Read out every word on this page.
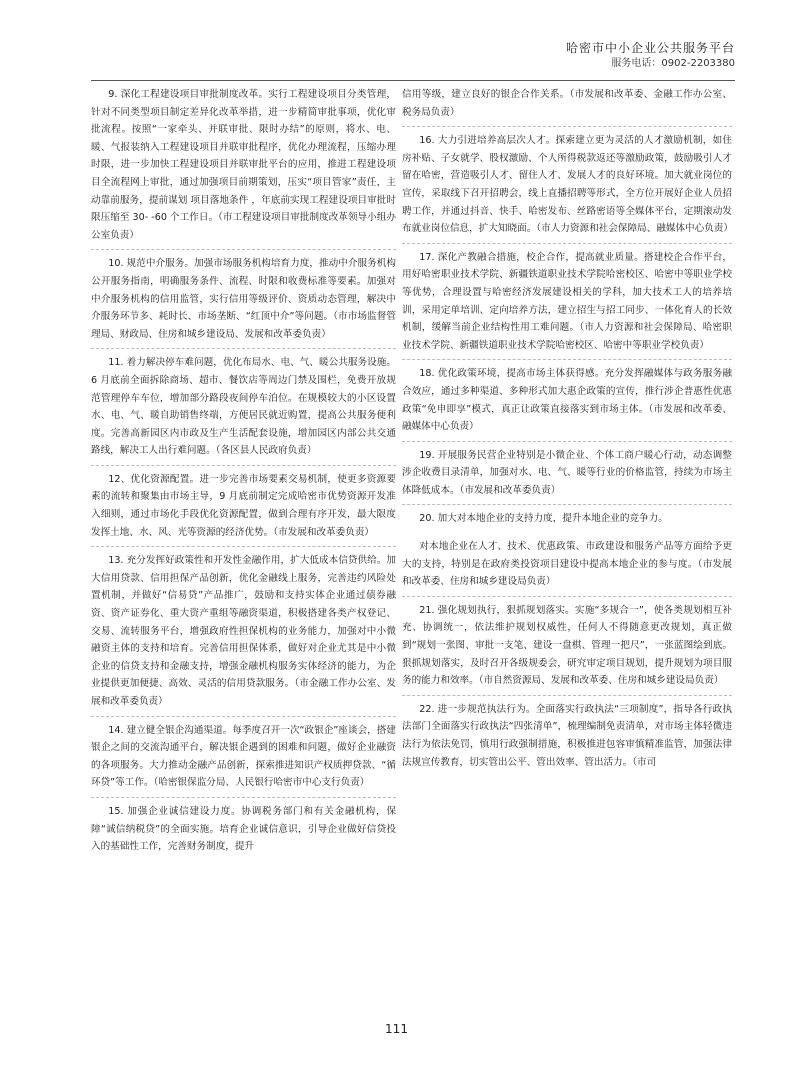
哈密市中小企业公共服务平台
服务电话：0902-2203380

9. 深化工程建设项目审批制度改革。实行工程建设项目分类管理，针对不同类型项目制定差异化改革举措，进一步精简审批事项，优化审批流程。按照“一家牵头、并联审批、限时办结”的原则，将水、电、暖、气报装纳入工程建设项目并联审批程序，优化办理流程，压缩办理时限，进一步加快工程建设项目并联审批平台的应用，推进工程建设项目全流程网上审批，通过加强项目前期策划，压实“项目管家”责任，主动靠前服务，提前谋划 项目落地条件 ，年底前实现工程建设项目审批时限压缩至 30- -60 个工作日。（市工程建设项目审批制度改革领导小组办公室负责）

10. 规范中介服务。加强市场服务机构培育力度，推动中介服务机构公开服务指南，明确服务条件、流程、时限和收费标准等要素。加强对中介服务机构的信用监管，实行信用等级评价、资质动态管理，解决中介服务环节多、耗时长、市场垄断、“红顶中介”等问题。（市市场监督管理局、财政局、住房和城乡建设局、发展和改革委负责）

11. 着力解决停车难问题，优化布局水、电、气、暖公共服务设施。6 月底前全面拆除商场、超市、餐饮店等周边门禁及围栏，免费开放规范管理停车车位，增加部分路段夜间停车泊位。在规模较大的小区设置水、电、气、暖自助销售终端，方便居民就近购置，提高公共服务便利度。完善高新园区内市政及生产生活配套设施，增加园区内部公共交通路线，解决工人出行难问题。（各区县人民政府负责）

12、优化资源配置。进一步完善市场要素交易机制，使更多资源要素的流转和聚集由市场主导，9 月底前制定完成哈密市优势资源开发准入细则，通过市场化手段优化资源配置，做到合理有序开发，最大限度发挥土地、水、风、光等资源的经济优势。（市发展和改革委负责）

13. 充分发挥好政策性和开发性金融作用，扩大低成本信贷供给。加大信用贷款、信用担保产品创新，优化金融线上服务，完善违约风险处置机制，并做好“信易贷”产品推广，鼓励和支持实体企业通过债券融资、资产证券化、重大资产重组等融资渠道，积极搭建各类产权登记、交易、流转服务平台，增强政府性担保机构的业务能力，加强对中小微融资主体的支持和培育。完善信用担保体系，做好对企业尤其是中小微企业的信贷支持和金融支持，增强金融机构服务实体经济的能力，为企业提供更加便捷、高效、灵活的信用贷款服务。（市金融工作办公室、发展和改革委负责）

14. 建立健全银企沟通渠道。每季度召开一次“政银企”座谈会，搭建银企之间的交流沟通平台，解决银企遇到的困难和问题，做好企业融资的各项服务。大力推动金融产品创新，探索推进知识产权质押贷款、“循环贷”等工作。（哈密银保监分局、人民银行哈密市中心支行负责）

15. 加强企业诚信建设力度。协调税务部门和有关金融机构，保障“诚信纳税贷”的全面实施。培育企业诚信意识，引导企业做好信贷投入的基础性工作，完善财务制度，提升

信用等级，建立良好的银企合作关系。（市发展和改革委、金融工作办公室、税务局负责）

16. 大力引进培养高层次人才。探索建立更为灵活的人才激励机制，如住房补贴、子女就学、股权激励、个人所得税款返还等激励政策，鼓励吸引人才留在哈密，营造吸引人才、留住人才、发展人才的良好环境。加大就业岗位的宣传，采取线下召开招聘会，线上直播招聘等形式，全方位开展好企业人员招聘工作，并通过抖音、快手、哈密发布、丝路密语等全媒体平台，定期滚动发布就业岗位信息，扩大知晓面。（市人力资源和社会保障局、融媒体中心负责）

17. 深化产教融合措施，校企合作，提高就业质量。搭建校企合作平台，用好哈密职业技术学院、新疆铁道职业技术学院哈密校区、哈密中等职业学校等优势，合理设置与哈密经济发展建设相关的学科，加大技术工人的培养培训，采用定单培训、定向培养方法，建立招生与招工同步、一体化育人的长效机制，缓解当前企业结构性用工难问题。（市人力资源和社会保障局、哈密职业技术学院、新疆铁道职业技术学院哈密校区、哈密中等职业学校负责）

18. 优化政策环境，提高市场主体获得感。充分发挥融媒体与政务服务融合效应，通过多种渠道、多种形式加大惠企政策的宣传，推行涉企普惠性优惠政策“免申即享”模式，真正让政策直接落实到市场主体。（市发展和改革委、融媒体中心负责）

19. 开展服务民营企业特别是小微企业、个体工商户暖心行动，动态调整涉企收费目录清单，加强对水、电、气、暖等行业的价格监管，持续为市场主体降低成本。（市发展和改革委负责）

20. 加大对本地企业的支持力度，提升本地企业的竞争力。

对本地企业在人才、技术、优惠政策、市政建设和服务产品等方面给予更大的支持，特别是在政府类投资项目建设中提高本地企业的参与度。（市发展和改革委、住房和城乡建设局负责）

21. 强化规划执行，狠抓规划落实。实施“多规合一”，使各类规划相互补充、协调统一，依法维护规划权威性，任何人不得随意更改规划，真正做到“规划一张图、审批一支笔、建设一盘棋、管理一把尺”，一张蓝图绘到底。狠抓规划落实，及时召开各级规委会，研究审定项目规划，提升规划为项目服务的能力和效率。（市自然资源局、发展和改革委、住房和城乡建设局负责）

22. 进一步规范执法行为。全面落实行政执法“三项制度”，指导各行政执法部门全面落实行政执法“四张清单”，梳理编制免责清单，对市场主体轻微违法行为依法免罚，慎用行政强制措施，积极推进包容审慎精准监管，加强法律法规宣传教育，切实管出公平、管出效率、管出活力。（市司

111
